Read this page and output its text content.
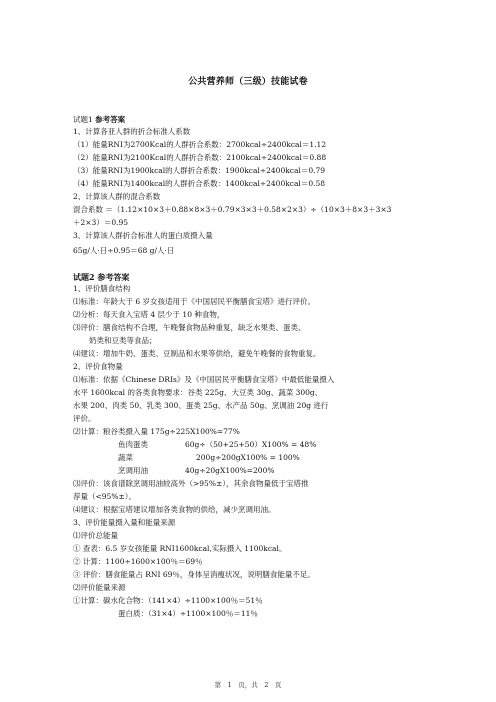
公共营养师（三级）技能试卷
试题1 参考答案
1、计算各亚人群的折合标准人系数
（1）能量RNI为2700Kcal的人群折合系数：2700kcal÷2400kcal＝1.12
（2）能量RNI为2100Kcal的人群折合系数：2100kcal÷2400kcal＝0.88
（3）能量RNI为1900kcal的人群折合系数：1900kcal÷2400kcal＝0.79
（4）能量RNI为1400kcal的人群折合系数：1400kcal÷2400kcal＝0.58
2、计算该人群的混合系数
混合系数 ＝（1.12×10×3＋0.88×8×3＋0.79×3×3＋0.58×2×3）÷（10×3＋8×3＋3×3
＋2×3）＝0.95
3、计算该人群折合标准人的蛋白质摄入量
65g/人·日÷0.95＝68 g/人·日
试题2 参考答案
1、评价膳食结构
⑴标准：年龄大于 6 岁女孩适用于《中国居民平衡膳食宝塔》进行评价。
⑵分析：每天食入宝塔 4 层少于 10 种食物，
⑶评价：膳食结构不合理，午晚餐食物品种重复，缺乏水果类、蛋类、
奶类和豆类等食品；
⑷建议：增加牛奶、蛋类、豆制品和水果等供给，避免午晚餐的食物重复。
2、评价食物量
⑴标准：依据《Chinese DRIs》及《中国居民平衡膳食宝塔》中最低能量摄入
水平 1600kcal 的各类食物要求：谷类 225g、大豆类 30g、蔬菜 300g、
水果 200、肉类 50、乳类 300、蛋类 25g、水产品 50g、烹调油 20g 进行
评价。
⑵计算：粮谷类摄入量 175g÷225X100%=77%
鱼肉蛋类	60g÷（50+25+50）X100% = 48%
蔬菜	200g÷200gX100% = 100%
烹调用油	40g÷20gX100%=200%
⑶评价：该食谱除烹调用油较高外（>95%±），其余食物量低于宝塔推
荐量（<95%±）。
⑷建议：根据宝塔建议增加各类食物的供给，减少烹调用油。
3、评价能量摄入量和能量来源
⑴评价总能量
① 查表：6.5 岁女孩能量 RNI1600kcal,实际摄入 1100kcal。
② 计算：1100÷1600×100％＝69％
③ 评价：膳食能量占 RNI 69％，身体呈消瘦状况，说明膳食能量不足。
⑵评价能量来源
①计算：碳水化合物：（141×4）÷1100×100％＝51％
蛋白质：（31×4）÷1100×100％＝11％
第　1　页，共　2　页
